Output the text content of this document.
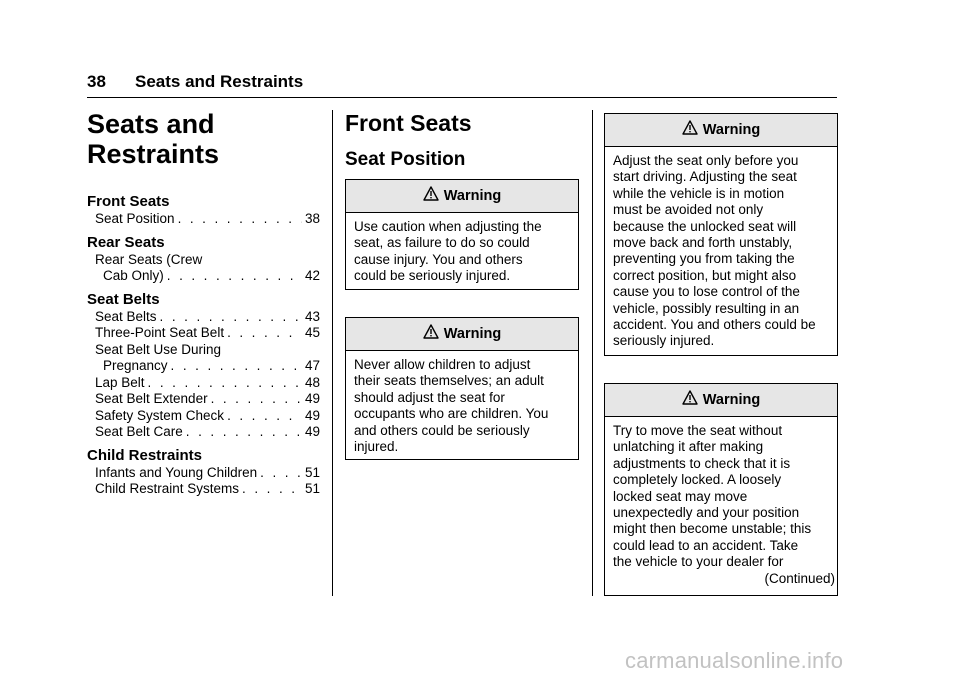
38 Seats and Restraints
Seats and Restraints
Front Seats
Seat Position . . .	38
Rear Seats
Rear Seats (Crew
Cab Only) . . .	42
Seat Belts
Seat Belts . . .	43
Three-Point Seat Belt . . .	45
Seat Belt Use During
Pregnancy . . .	47
Lap Belt . . .	48
Seat Belt Extender . . .	49
Safety System Check . . .	49
Seat Belt Care . . .	49
Child Restraints
Infants and Young Children . . .	51
Child Restraint Systems . . .	51
Front Seats
Seat Position
Warning
Use caution when adjusting the
seat, as failure to do so could
cause injury. You and others
could be seriously injured.
Warning
Never allow children to adjust
their seats themselves; an adult
should adjust the seat for
occupants who are children. You
and others could be seriously
injured.
Warning
Adjust the seat only before you
start driving. Adjusting the seat
while the vehicle is in motion
must be avoided not only
because the unlocked seat will
move back and forth unstably,
preventing you from taking the
correct position, but might also
cause you to lose control of the
vehicle, possibly resulting in an
accident. You and others could be
seriously injured.
Warning
Try to move the seat without
unlatching it after making
adjustments to check that it is
completely locked. A loosely
locked seat may move
unexpectedly and your position
might then become unstable; this
could lead to an accident. Take
the vehicle to your dealer for
(Continued)
carmanualsonline.info
